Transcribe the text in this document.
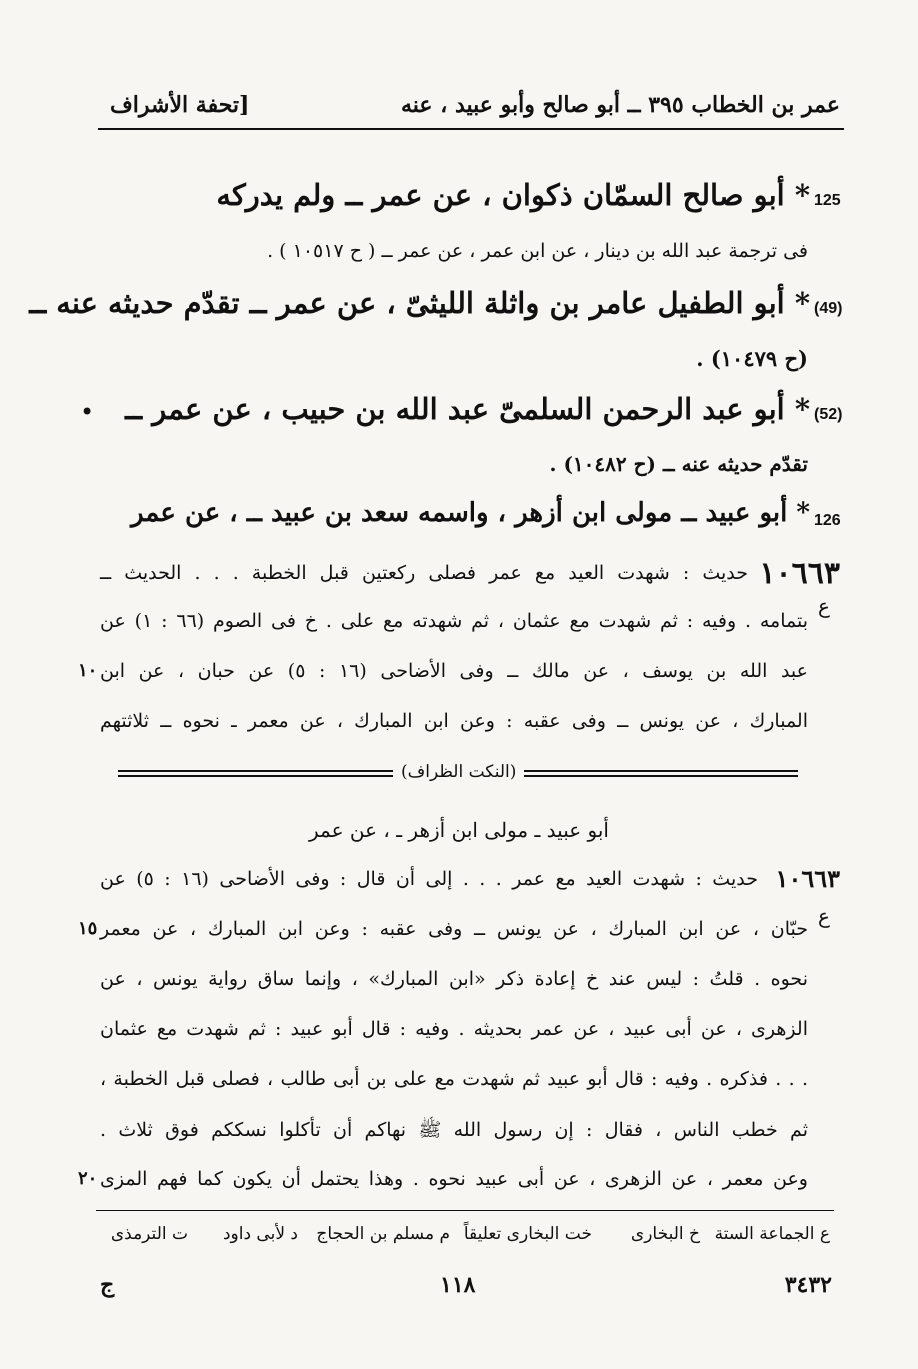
عمر بن الخطاب ٣٩٥ ــ أبو صالح وأبو عبيد ، عنه
[تحفة الأشراف
125
* أبو صالح السمّان ذكوان ، عن عمر ــ ولم يدركه
فى ترجمة عبد الله بن دينار ، عن ابن عمر ، عن عمر ــ ( ح ١٠٥١٧ ) .
(49)
* أبو الطفيل عامر بن واثلة الليثىّ ، عن عمر ــ تقدّم حديثه عنه ــ
(ح ١٠٤٧٩) .
(52)
* أبو عبد الرحمن السلمىّ عبد الله بن حبيب ، عن عمر ــ
•
تقدّم حديثه عنه ــ (ح ١٠٤٨٢) .
126
* أبو عبيد ــ مولى ابن أزهر ، واسمه سعد بن عبيد ــ ، عن عمر
١٠٦٦٣
ع
حديث : شهدت العيد مع عمر فصلى ركعتين قبل الخطبة . . . الحديث ــ
بتمامه . وفيه : ثم شهدت مع عثمان ، ثم شهدته مع على . خ فى الصوم (٦٦ : ١) عن
عبد الله بن يوسف ، عن مالك ــ وفى الأضاحى (١٦ : ٥) عن حبان ، عن ابن
١٠
المبارك ، عن يونس ــ وفى عقبه : وعن ابن المبارك ، عن معمر ـ نحوه ــ ثلاثتهم
(النكت الظراف)
أبو عبيد ـ مولى ابن أزهر ـ ، عن عمر
١٠٦٦٣
ع
حديث : شهدت العيد مع عمر . . . إلى أن قال : وفى الأضاحى (١٦ : ٥) عن
حبّان ، عن ابن المبارك ، عن يونس ــ وفى عقبه : وعن ابن المبارك ، عن معمر
١٥
نحوه . قلتُ : ليس عند خ إعادة ذكر «ابن المبارك» ، وإنما ساق رواية يونس ، عن
الزهرى ، عن أبى عبيد ، عن عمر بحديثه . وفيه : قال أبو عبيد : ثم شهدت مع عثمان
. . . فذكره . وفيه : قال أبو عبيد ثم شهدت مع على بن أبى طالب ، فصلى قبل الخطبة ،
ثم خطب الناس ، فقال : إن رسول الله ﷺ نهاكم أن تأكلوا نسككم فوق ثلاث .
وعن معمر ، عن الزهرى ، عن أبى عبيد نحوه . وهذا يحتمل أن يكون كما فهم المزى
٢٠
ع الجماعة الستة
خ البخارى
خت البخارى تعليقاً
م مسلم بن الحجاج
د لأبى داود
ت الترمذى
٣٤٣٢
١١٨
ج
